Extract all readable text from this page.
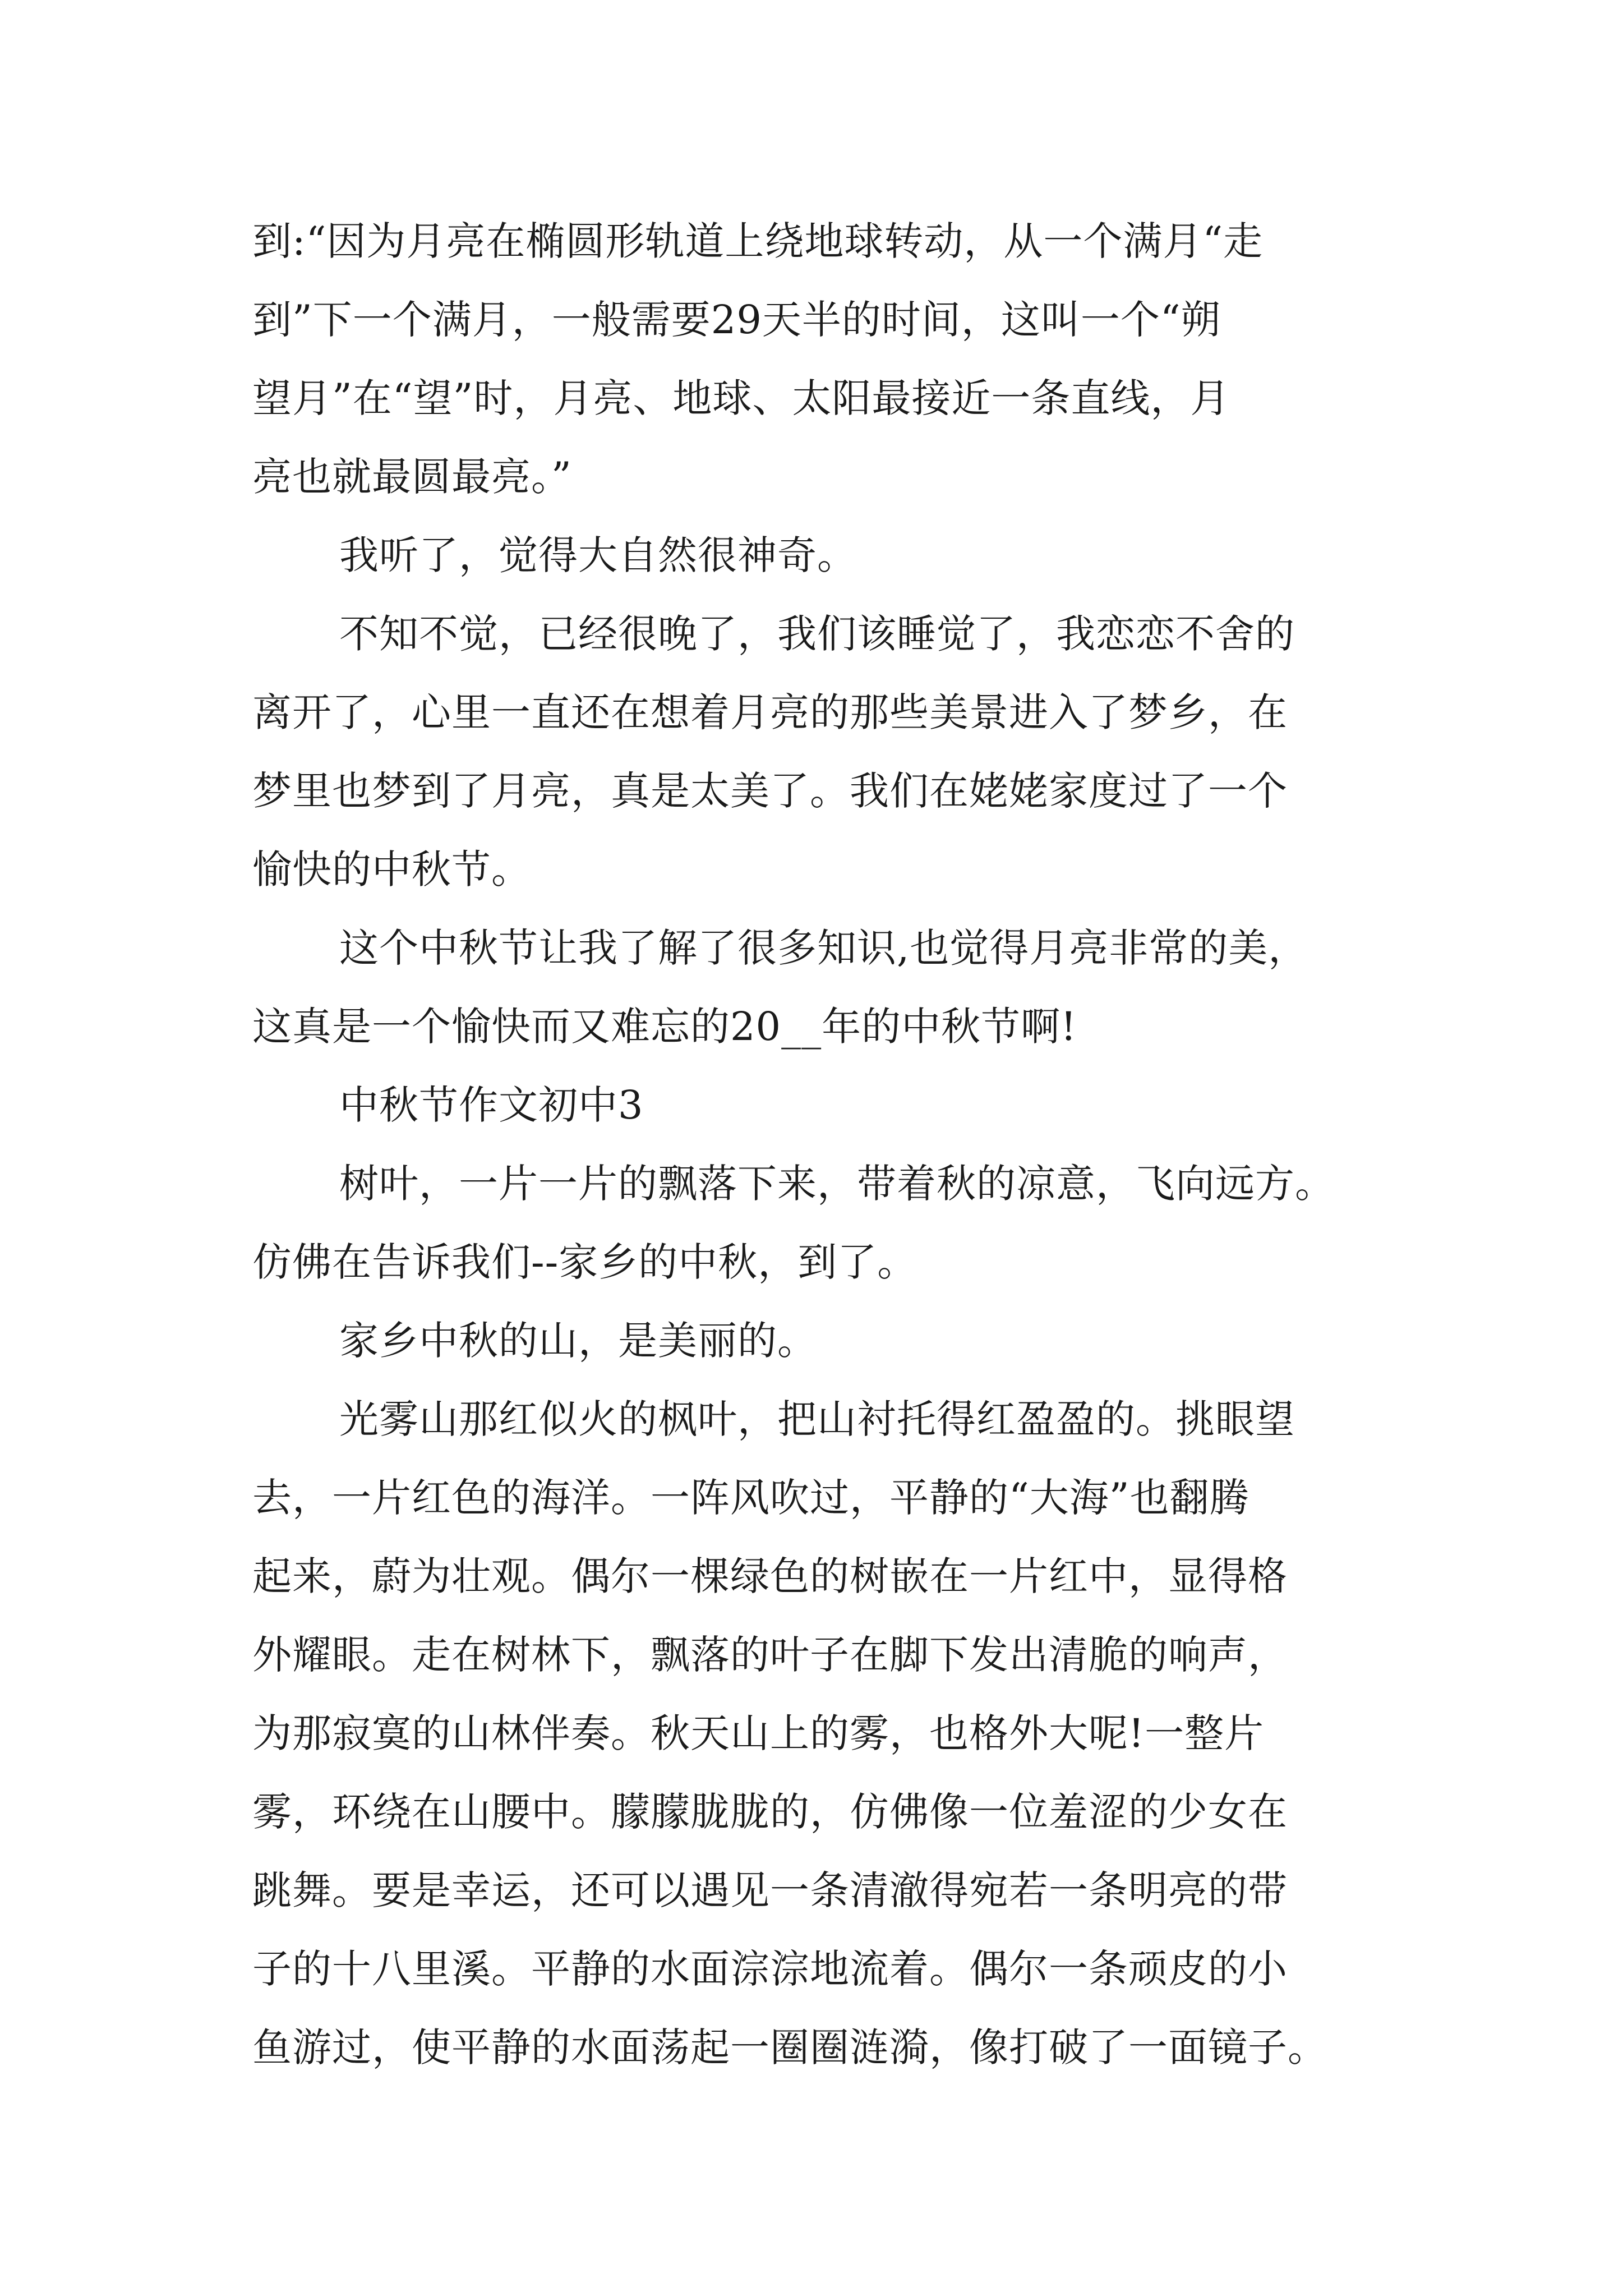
到:“因为月亮在椭圆形轨道上绕地球转动，从一个满月“走
到”下一个满月，一般需要29天半的时间，这叫一个“朔
望月”在“望”时，月亮、地球、太阳最接近一条直线，月
亮也就最圆最亮。”
我听了，觉得大自然很神奇。
不知不觉，已经很晚了，我们该睡觉了，我恋恋不舍的
离开了，心里一直还在想着月亮的那些美景进入了梦乡，在
梦里也梦到了月亮，真是太美了。我们在姥姥家度过了一个
愉快的中秋节。
这个中秋节让我了解了很多知识,也觉得月亮非常的美，
这真是一个愉快而又难忘的20__年的中秋节啊!
中秋节作文初中3
树叶，一片一片的飘落下来，带着秋的凉意，飞向远方。
仿佛在告诉我们--家乡的中秋，到了。
家乡中秋的山，是美丽的。
光雾山那红似火的枫叶，把山衬托得红盈盈的。挑眼望
去，一片红色的海洋。一阵风吹过，平静的“大海”也翻腾
起来，蔚为壮观。偶尔一棵绿色的树嵌在一片红中，显得格
外耀眼。走在树林下，飘落的叶子在脚下发出清脆的响声，
为那寂寞的山林伴奏。秋天山上的雾，也格外大呢!一整片
雾，环绕在山腰中。朦朦胧胧的，仿佛像一位羞涩的少女在
跳舞。要是幸运，还可以遇见一条清澈得宛若一条明亮的带
子的十八里溪。平静的水面淙淙地流着。偶尔一条顽皮的小
鱼游过，使平静的水面荡起一圈圈涟漪，像打破了一面镜子。
